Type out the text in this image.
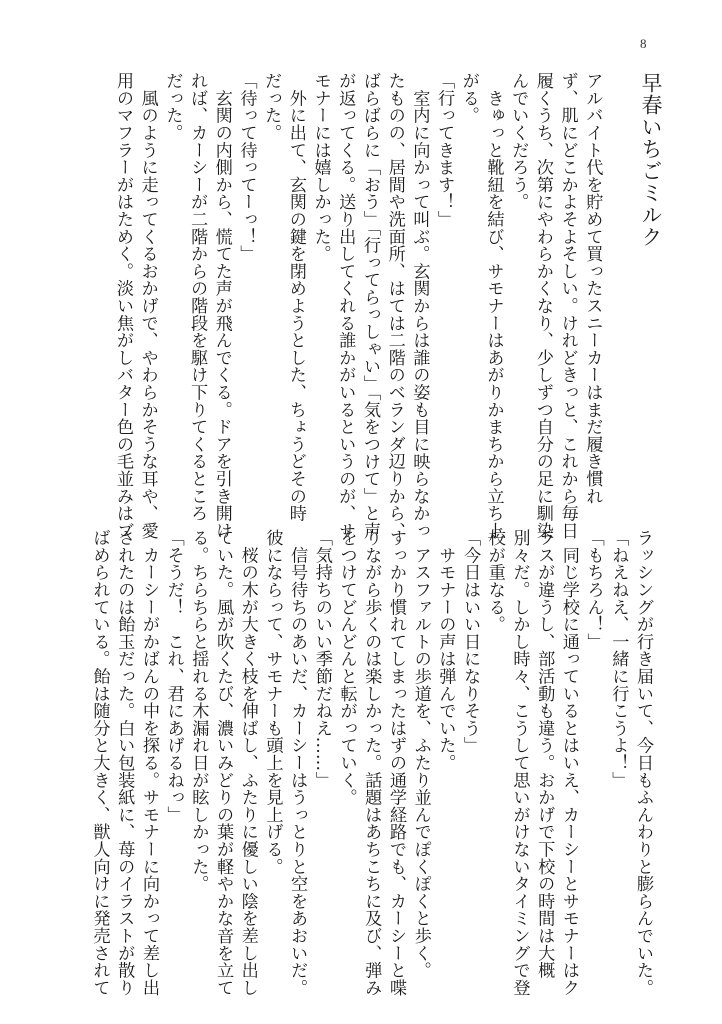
8
早春いちごミルク
アルバイト代を貯めて買ったスニーカーはまだ履き慣れ
ず、肌にどこかよそよそしい。けれどきっと、これから毎日
履くうち、次第にやわらかくなり、少しずつ自分の足に馴染
んでいくだろう。
　きゅっと靴紐を結び、サモナーはあがりかまちから立ち上
がる。
「行ってきます！」
　室内に向かって叫ぶ。玄関からは誰の姿も目に映らなかっ
たものの、居間や洗面所、はては二階のベランダ辺りから、
ばらばらに「おう」「行ってらっしゃい」「気をつけて」と声
が返ってくる。送り出してくれる誰かがいるというのが、サ
モナーには嬉しかった。
　外に出て、玄関の鍵を閉めようとした、ちょうどその時
だった。
「待って待ってーっ！」
　玄関の内側から、慌てた声が飛んでくる。ドアを引き開け
れば、カーシーが二階からの階段を駆け下りてくるところ
だった。
　風のように走ってくるおかげで、やわらかそうな耳や、愛
用のマフラーがはためく。淡い焦がしバター色の毛並みはブ
ラッシングが行き届いて、今日もふんわりと膨らんでいた。
「ねえねえ、一緒に行こうよ！」
「もちろん！」
　同じ学校に通っているとはいえ、カーシーとサモナーはク
ラスが違うし、部活動も違う。おかげで下校の時間は大概
別々だ。しかし時々、こうして思いがけないタイミングで登
校が重なる。
「今日はいい日になりそう」
　サモナーの声は弾んでいた。
　アスファルトの歩道を、ふたり並んでぽくぽくと歩く。
すっかり慣れてしまったはずの通学経路でも、カーシーと喋
りながら歩くのは楽しかった。話題はあちこちに及び、弾み
をつけてどんどんと転がっていく。
「気持ちのいい季節だねえ……」
　信号待ちのあいだ、カーシーはうっとりと空をあおいだ。
彼にならって、サモナーも頭上を見上げる。
　桜の木が大きく枝を伸ばし、ふたりに優しい陰を差し出し
ていた。風が吹くたび、濃いみどりの葉が軽やかな音を立て
る。ちらちらと揺れる木漏れ日が眩しかった。
「そうだ！　これ、君にあげるねっ」
　カーシーがかばんの中を探る。サモナーに向かって差し出
されたのは飴玉だった。白い包装紙に、苺のイラストが散り
ばめられている。飴は随分と大きく、獣人向けに発売されて
